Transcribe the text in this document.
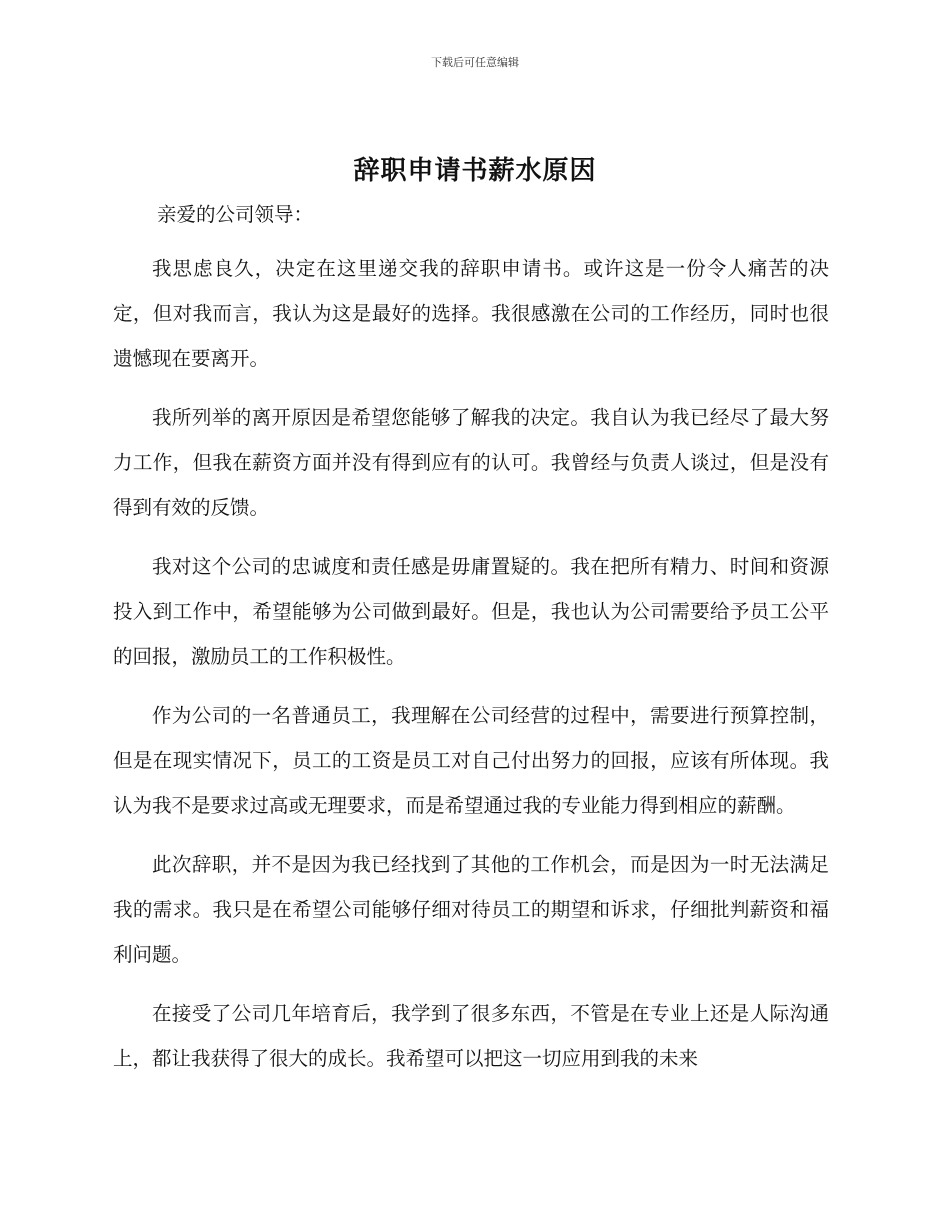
下载后可任意编辑
辞职申请书薪水原因
亲爱的公司领导：

我思虑良久，决定在这里递交我的辞职申请书。或许这是一份令人痛苦的决定，但对我而言，我认为这是最好的选择。我很感激在公司的工作经历，同时也很遗憾现在要离开。

我所列举的离开原因是希望您能够了解我的决定。我自认为我已经尽了最大努力工作，但我在薪资方面并没有得到应有的认可。我曾经与负责人谈过，但是没有得到有效的反馈。

我对这个公司的忠诚度和责任感是毋庸置疑的。我在把所有精力、时间和资源投入到工作中，希望能够为公司做到最好。但是，我也认为公司需要给予员工公平的回报，激励员工的工作积极性。

作为公司的一名普通员工，我理解在公司经营的过程中，需要进行预算控制，但是在现实情况下，员工的工资是员工对自己付出努力的回报，应该有所体现。我认为我不是要求过高或无理要求，而是希望通过我的专业能力得到相应的薪酬。

此次辞职，并不是因为我已经找到了其他的工作机会，而是因为一时无法满足我的需求。我只是在希望公司能够仔细对待员工的期望和诉求，仔细批判薪资和福利问题。

在接受了公司几年培育后，我学到了很多东西，不管是在专业上还是人际沟通上，都让我获得了很大的成长。我希望可以把这一切应用到我的未来
